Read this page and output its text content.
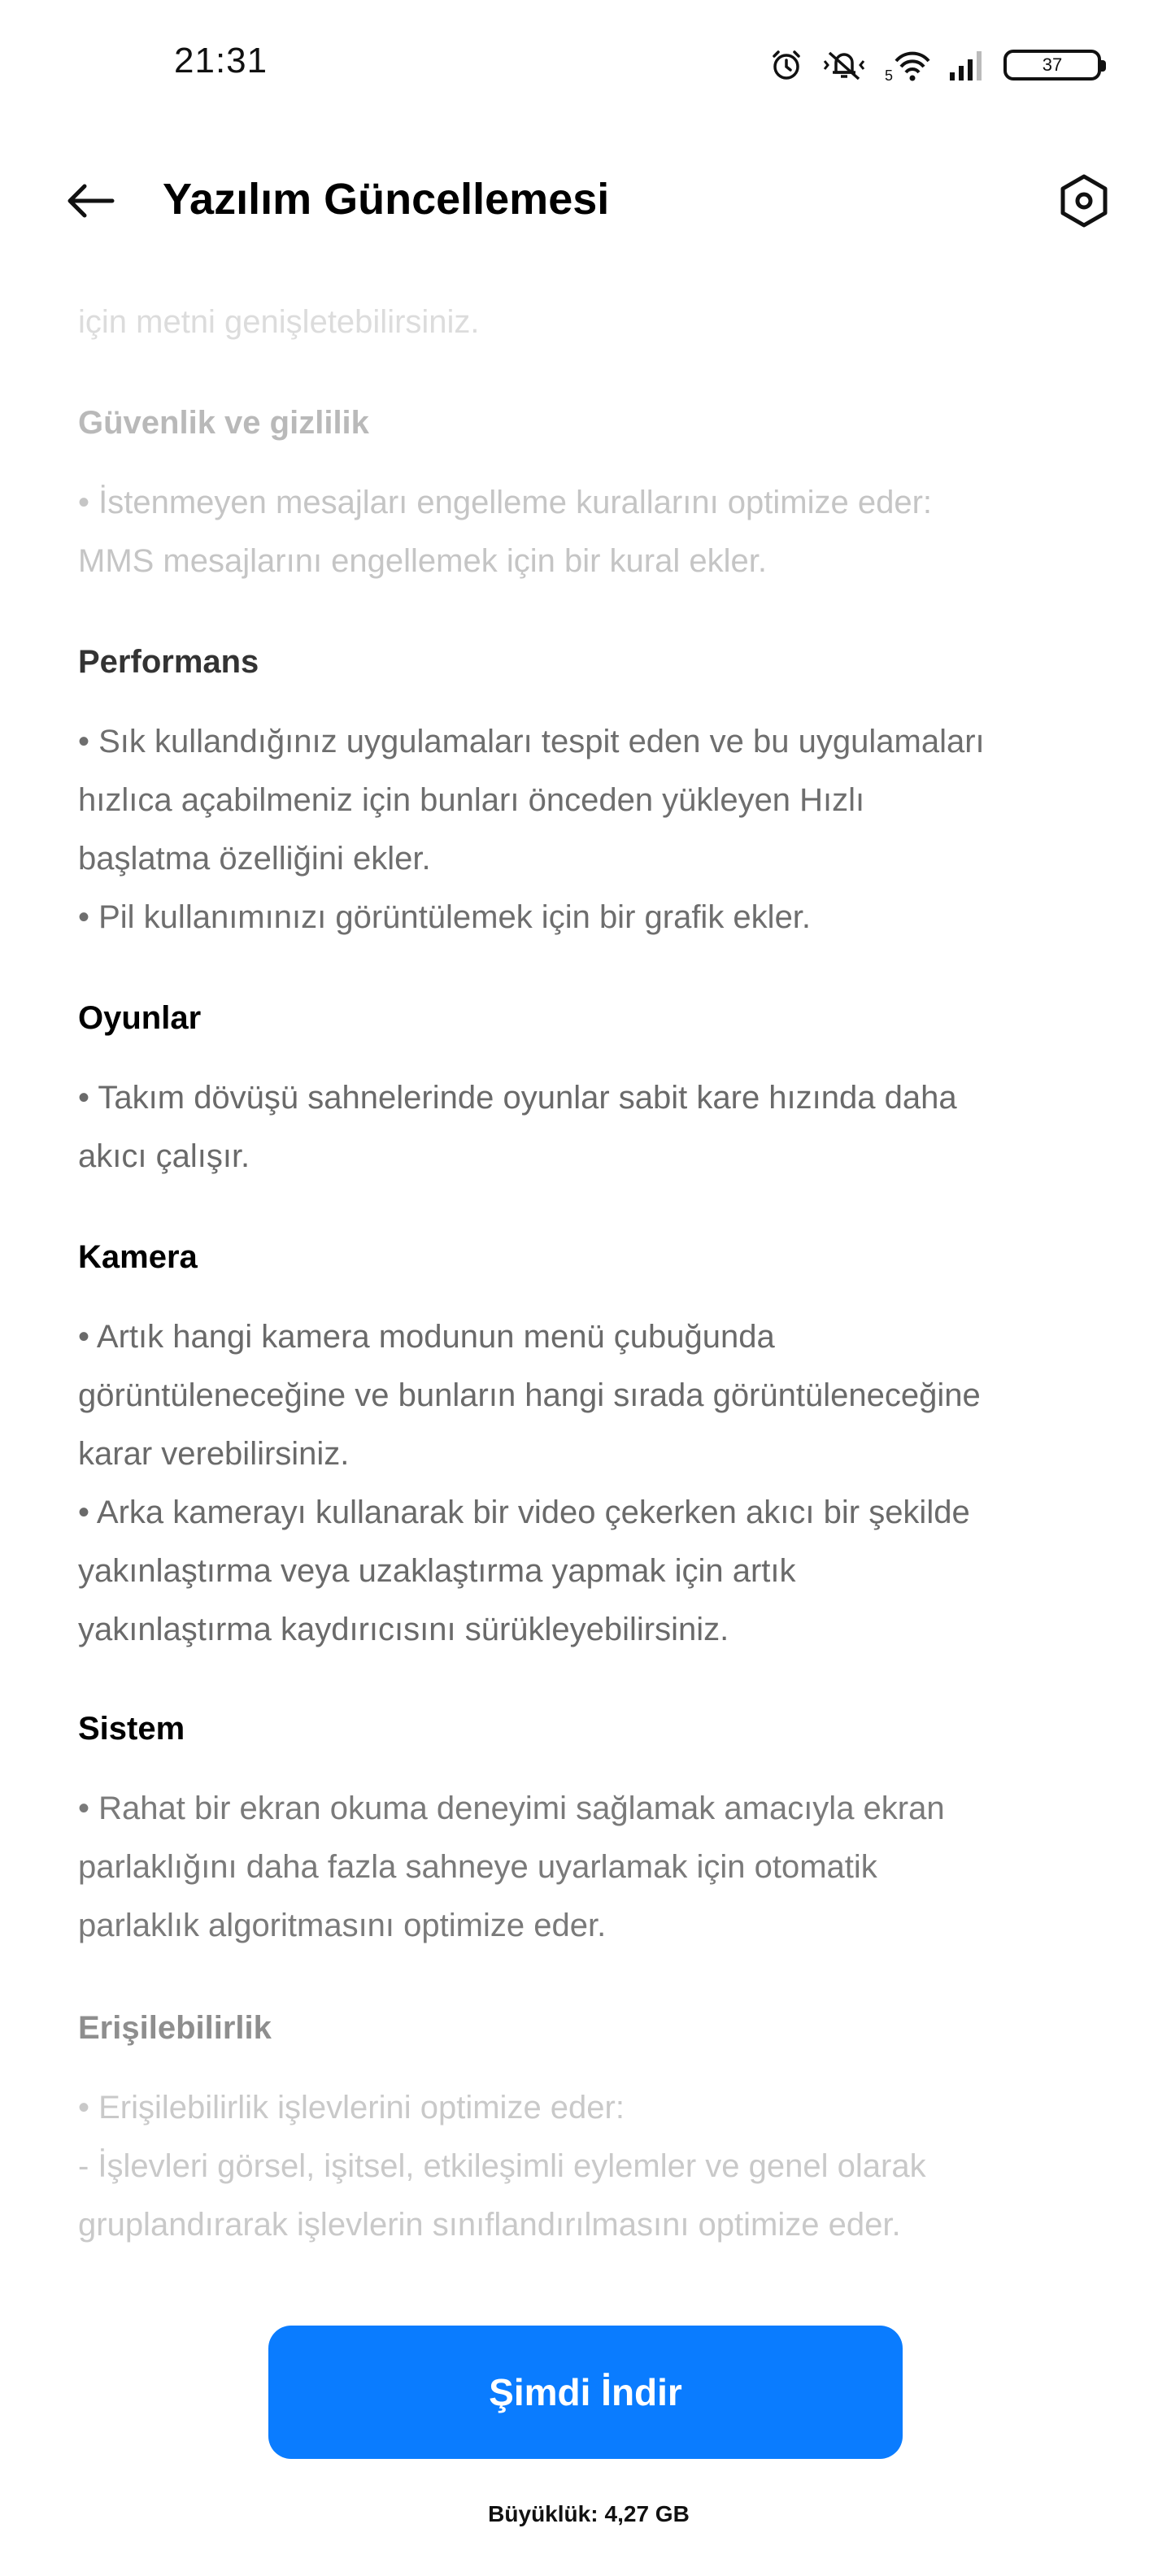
21:31	5
37
Yazılım Güncellemesi
için metni genişletebilirsiniz.
Güvenlik ve gizlilik

• İstenmeyen mesajları engelleme kurallarını optimize eder:
MMS mesajlarını engellemek için bir kural ekler.

Performans

• Sık kullandığınız uygulamaları tespit eden ve bu uygulamaları
hızlıca açabilmeniz için bunları önceden yükleyen Hızlı
başlatma özelliğini ekler.
• Pil kullanımınızı görüntülemek için bir grafik ekler.

Oyunlar

• Takım dövüşü sahnelerinde oyunlar sabit kare hızında daha
akıcı çalışır.

Kamera

• Artık hangi kamera modunun menü çubuğunda
görüntüleneceğine ve bunların hangi sırada görüntüleneceğine
karar verebilirsiniz.
• Arka kamerayı kullanarak bir video çekerken akıcı bir şekilde
yakınlaştırma veya uzaklaştırma yapmak için artık
yakınlaştırma kaydırıcısını sürükleyebilirsiniz.

Sistem

• Rahat bir ekran okuma deneyimi sağlamak amacıyla ekran
parlaklığını daha fazla sahneye uyarlamak için otomatik
parlaklık algoritmasını optimize eder.

Erişilebilirlik

• Erişilebilirlik işlevlerini optimize eder:
- İşlevleri görsel, işitsel, etkileşimli eylemler ve genel olarak
gruplandırarak işlevlerin sınıflandırılmasını optimize eder.

Şimdi İndir
Büyüklük: 4,27 GB
